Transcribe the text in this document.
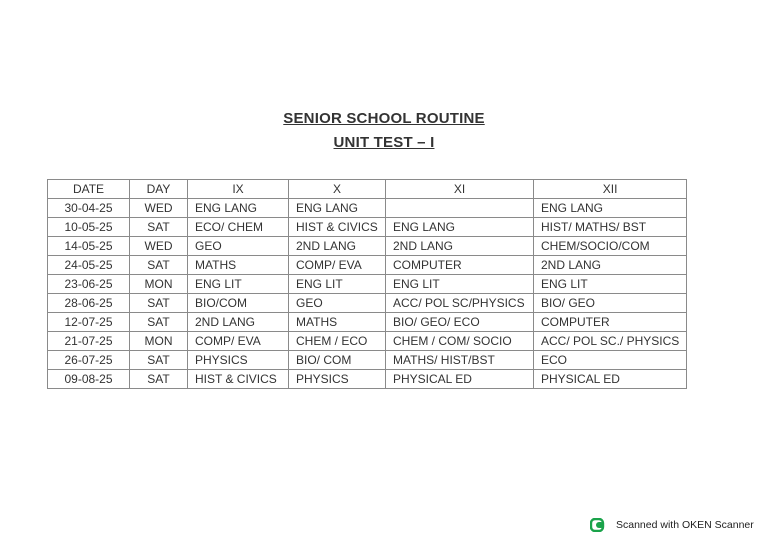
SENIOR SCHOOL ROUTINE
UNIT TEST – I
DATE	DAY	IX	X	XI	XII
30-04-25	WED	ENG LANG	ENG LANG		ENG LANG
10-05-25	SAT	ECO/ CHEM	HIST & CIVICS	ENG LANG	HIST/ MATHS/ BST
14-05-25	WED	GEO	2ND LANG	2ND LANG	CHEM/SOCIO/COM
24-05-25	SAT	MATHS	COMP/ EVA	COMPUTER	2ND LANG
23-06-25	MON	ENG LIT	ENG LIT	ENG LIT	ENG LIT
28-06-25	SAT	BIO/COM	GEO	ACC/ POL SC/PHYSICS	BIO/ GEO
12-07-25	SAT	2ND LANG	MATHS	BIO/ GEO/ ECO	COMPUTER
21-07-25	MON	COMP/ EVA	CHEM / ECO	CHEM / COM/ SOCIO	ACC/ POL SC./ PHYSICS
26-07-25	SAT	PHYSICS	BIO/ COM	MATHS/ HIST/BST	ECO
09-08-25	SAT	HIST & CIVICS	PHYSICS	PHYSICAL ED	PHYSICAL ED
Scanned with OKEN Scanner
